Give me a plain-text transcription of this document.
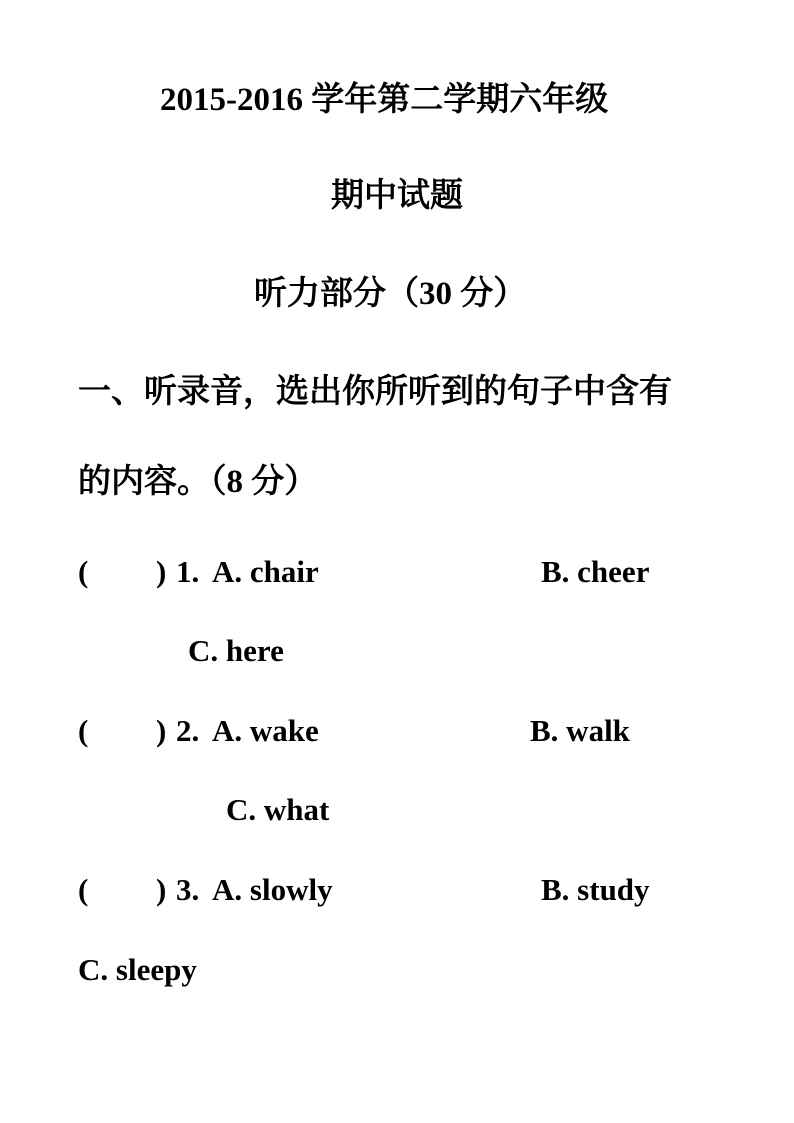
2015-2016 学年第二学期六年级
期中试题
听力部分（30 分）
一、听录音，选出你所听到的句子中含有
的内容。（8 分）
( ) 1. A. chair	B. cheer
C. here
( ) 2. A. wake	B. walk
C. what
( ) 3. A. slowly	B. study
C. sleepy
